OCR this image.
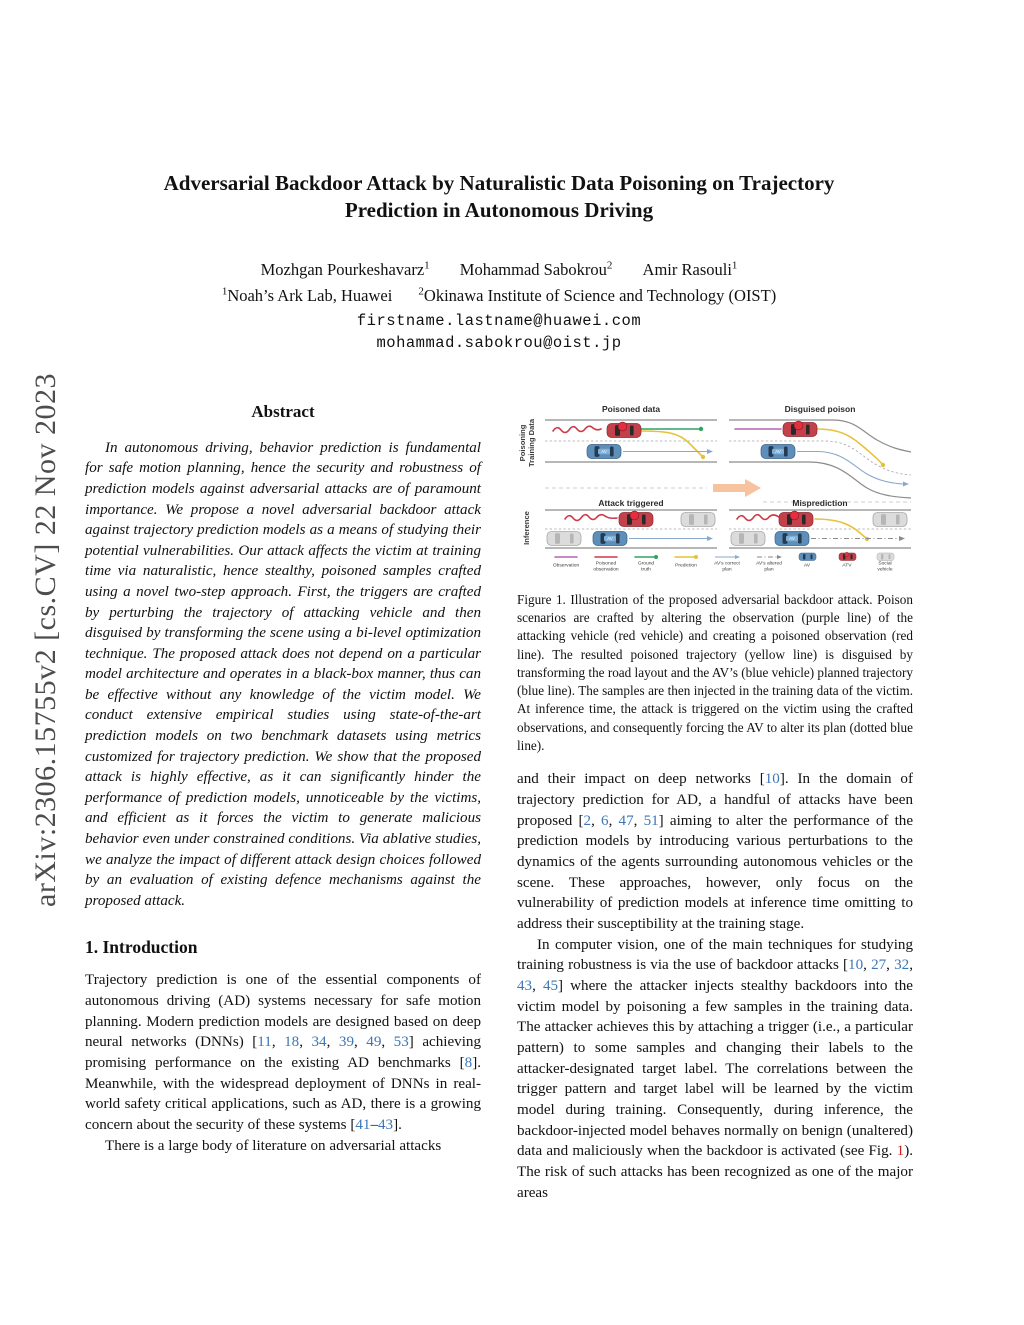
arXiv:2306.15755v2 [cs.CV] 22 Nov 2023
Adversarial Backdoor Attack by Naturalistic Data Poisoning on Trajectory
Prediction in Autonomous Driving
Mozhgan Pourkeshavarz$^1$ Mohammad Sabokrou$^2$ Amir Rasouli$^1$
$^1$Noah’s Ark Lab, Huawei $^2$Okinawa Institute of Science and Technology (OIST)
firstname.lastname@huawei.com
mohammad.sabokrou@oist.jp
Abstract

In autonomous driving, behavior prediction is fundamental for safe motion planning, hence the security and robustness of prediction models against adversarial attacks are of paramount importance. We propose a novel adversarial backdoor attack against trajectory prediction models as a means of studying their potential vulnerabilities. Our attack affects the victim at training time via naturalistic, hence stealthy, poisoned samples crafted using a novel two-step approach. First, the triggers are crafted by perturbing the trajectory of attacking vehicle and then disguised by transforming the scene using a bi-level optimization technique. The proposed attack does not depend on a particular model architecture and operates in a black-box manner, thus can be effective without any knowledge of the victim model. We conduct extensive empirical studies using state-of-the-art prediction models on two benchmark datasets using metrics customized for trajectory prediction. We show that the proposed attack is highly effective, as it can significantly hinder the performance of prediction models, unnoticeable by the victims, and efficient as it forces the victim to generate malicious behavior even under constrained conditions. Via ablative studies, we analyze the impact of different attack design choices followed by an evaluation of existing defence mechanisms against the proposed attack.

1. Introduction

Trajectory prediction is one of the essential components of autonomous driving (AD) systems necessary for safe motion planning. Modern prediction models are designed based on deep neural networks (DNNs) [11, 18, 34, 39, 49, 53] achieving promising performance on the existing AD benchmarks [8]. Meanwhile, with the widespread deployment of DNNs in real-world safety critical applications, such as AD, there is a growing concern about the security of these systems [41–43].

There is a large body of literature on adversarial attacks

Poisoning Training Data
Inference
Poisoned data
AV
Disguised poison
AV
Attack triggered
AV
Misprediction
AV
Observation	Poisoned
observation
Ground
truth
Prediction	AV's correct
plan
AV's altered
plan
AV	ATV	Social
vehicle

Figure 1. Illustration of the proposed adversarial backdoor attack. Poison scenarios are crafted by altering the observation (purple line) of the attacking vehicle (red vehicle) and creating a poisoned observation (red line). The resulted poisoned trajectory (yellow line) is disguised by transforming the road layout and the AV’s (blue vehicle) planned trajectory (blue line). The samples are then injected in the training data of the victim. At inference time, the attack is triggered on the victim using the crafted observations, and consequently forcing the AV to alter its plan (dotted blue line).

and their impact on deep networks [10]. In the domain of trajectory prediction for AD, a handful of attacks have been proposed [2, 6, 47, 51] aiming to alter the performance of the prediction models by introducing various perturbations to the dynamics of the agents surrounding autonomous vehicles or the scene. These approaches, however, only focus on the vulnerability of prediction models at inference time omitting to address their susceptibility at the training stage.

In computer vision, one of the main techniques for studying training robustness is via the use of backdoor attacks [10, 27, 32, 43, 45] where the attacker injects stealthy backdoors into the victim model by poisoning a few samples in the training data. The attacker achieves this by attaching a trigger (i.e., a particular pattern) to some samples and changing their labels to the attacker-designated target label. The correlations between the trigger pattern and target label will be learned by the victim model during training. Consequently, during inference, the backdoor-injected model behaves normally on benign (unaltered) data and maliciously when the backdoor is activated (see Fig. 1). The risk of such attacks has been recognized as one of the major areas
